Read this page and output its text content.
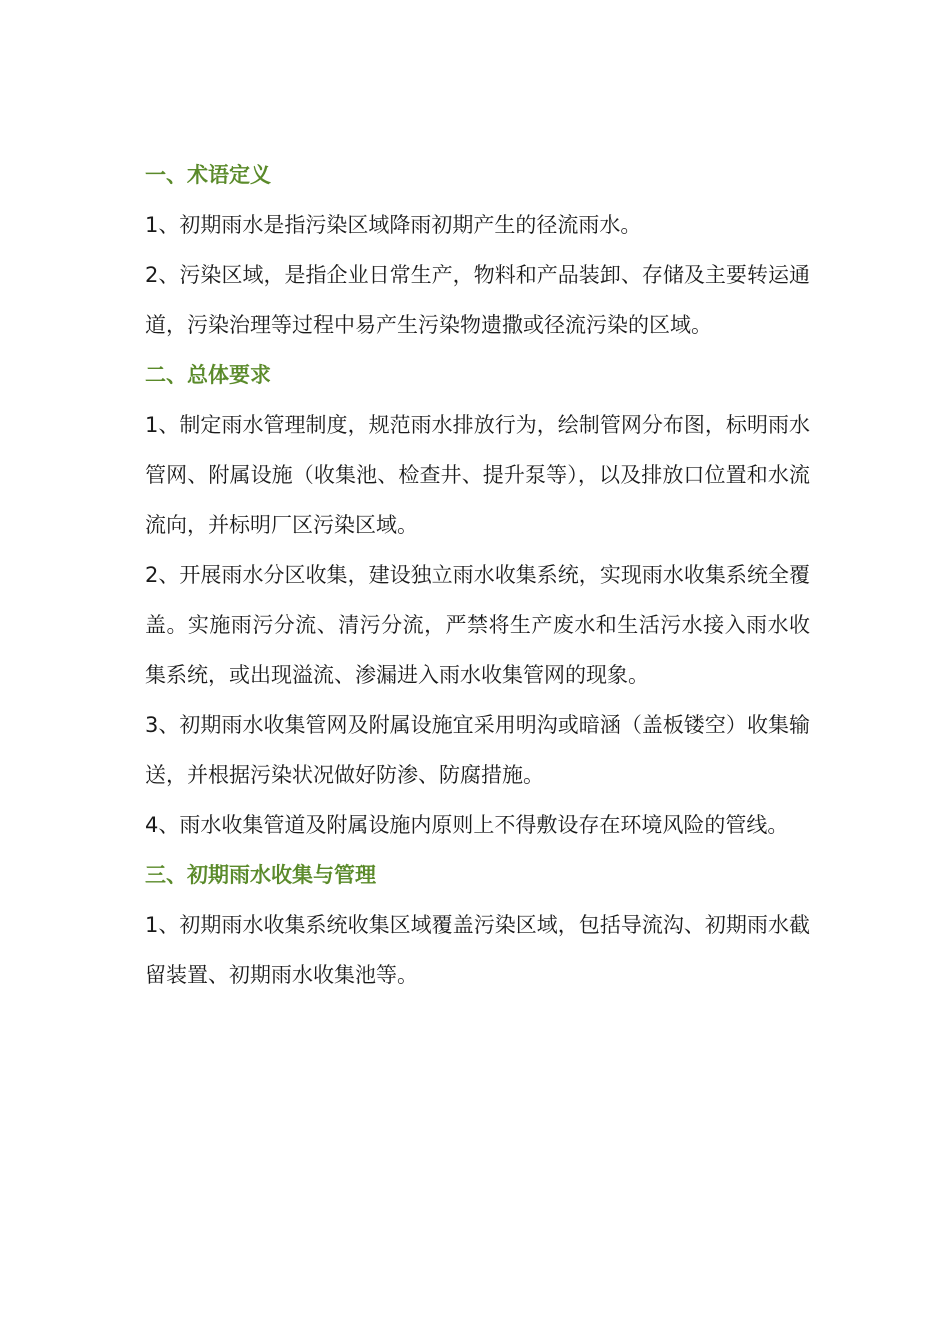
一、术语定义

1、初期雨水是指污染区域降雨初期产生的径流雨水。

2、污染区域，是指企业日常生产，物料和产品装卸、存储及主要转运通道，污染治理等过程中易产生污染物遗撒或径流污染的区域。

二、总体要求

1、制定雨水管理制度，规范雨水排放行为，绘制管网分布图，标明雨水管网、附属设施（收集池、检查井、提升泵等），以及排放口位置和水流流向，并标明厂区污染区域。

2、开展雨水分区收集，建设独立雨水收集系统，实现雨水收集系统全覆盖。实施雨污分流、清污分流，严禁将生产废水和生活污水接入雨水收集系统，或出现溢流、渗漏进入雨水收集管网的现象。

3、初期雨水收集管网及附属设施宜采用明沟或暗涵（盖板镂空）收集输送，并根据污染状况做好防渗、防腐措施。

4、雨水收集管道及附属设施内原则上不得敷设存在环境风险的管线。

三、初期雨水收集与管理

1、初期雨水收集系统收集区域覆盖污染区域，包括导流沟、初期雨水截留装置、初期雨水收集池等。
